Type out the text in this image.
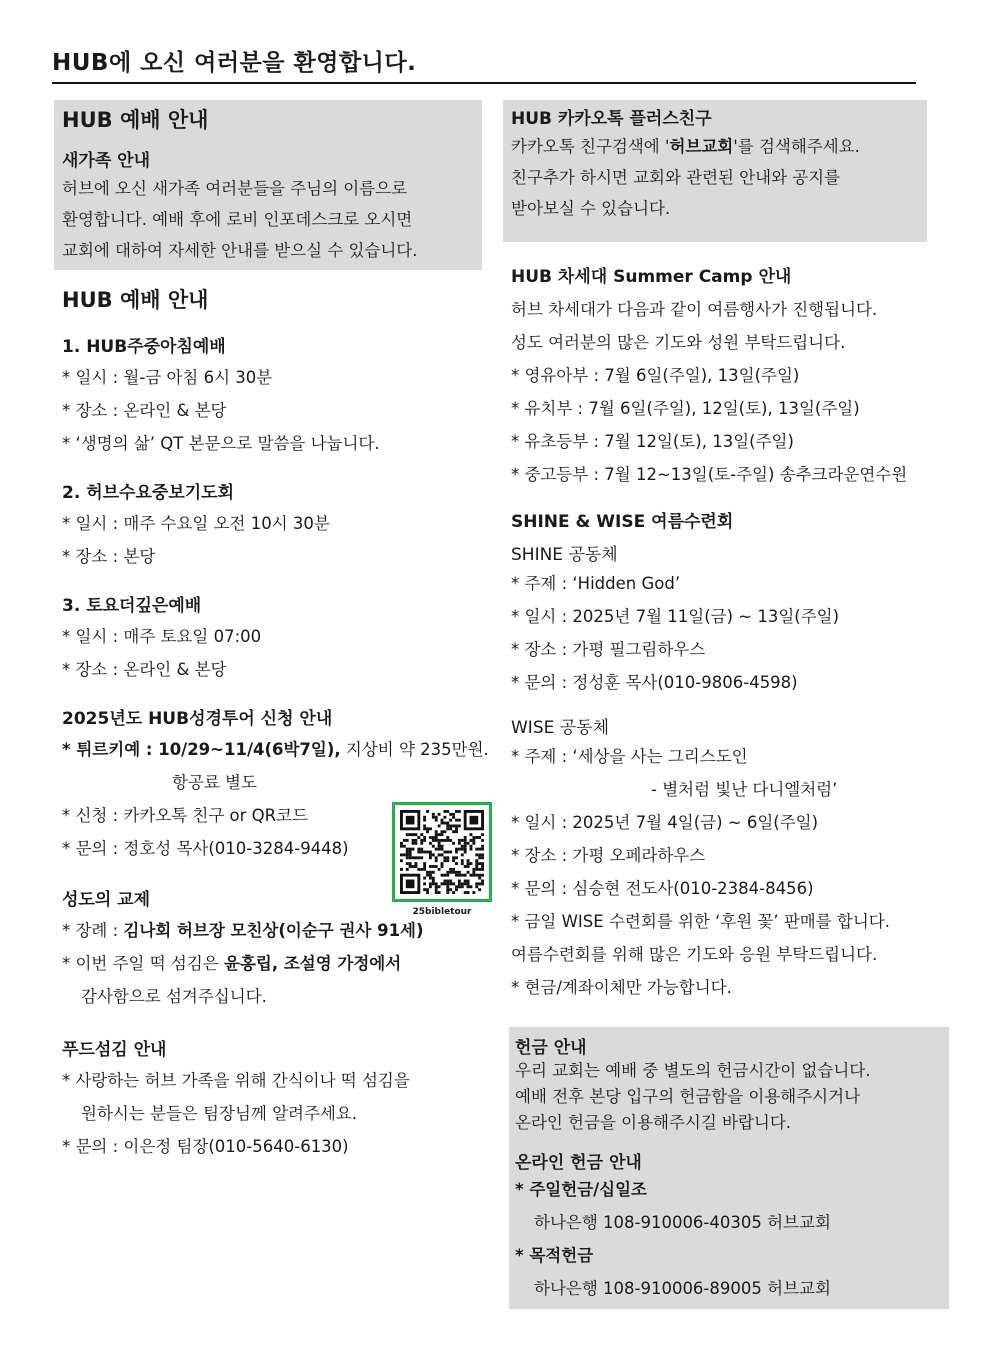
HUB에 오신 여러분을 환영합니다.
HUB 예배 안내
새가족 안내
허브에 오신 새가족 여러분들을 주님의 이름으로
환영합니다. 예배 후에 로비 인포데스크로 오시면
교회에 대하여 자세한 안내를 받으실 수 있습니다.
HUB 예배 안내
1. HUB주중아침예배
* 일시 : 월-금 아침 6시 30분
* 장소 : 온라인 & 본당
* ‘생명의 삶’ QT 본문으로 말씀을 나눕니다.
2. 허브수요중보기도회
* 일시 : 매주 수요일 오전 10시 30분
* 장소 : 본당
3. 토요더깊은예배
* 일시 : 매주 토요일 07:00
* 장소 : 온라인 & 본당
2025년도 HUB성경투어 신청 안내
* 튀르키예 : 10/29~11/4(6박7일), 지상비 약 235만원.
항공료 별도
* 신청 : 카카오톡 친구 or QR코드
* 문의 : 정호성 목사(010-3284-9448)
성도의 교제
* 장례 : 김나회 허브장 모친상(이순구 권사 91세)
* 이번 주일 떡 섬김은 윤홍립, 조설영 가정에서
감사함으로 섬겨주십니다.
푸드섬김 안내
* 사랑하는 허브 가족을 위해 간식이나 떡 섬김을
원하시는 분들은 팀장님께 알려주세요.
* 문의 : 이은정 팀장(010-5640-6130)
25bibletour
HUB 카카오톡 플러스친구
카카오톡 친구검색에 '허브교회'를 검색해주세요.
친구추가 하시면 교회와 관련된 안내와 공지를
받아보실 수 있습니다.
HUB 차세대 Summer Camp 안내
허브 차세대가 다음과 같이 여름행사가 진행됩니다.
성도 여러분의 많은 기도와 성원 부탁드립니다.
* 영유아부 : 7월 6일(주일), 13일(주일)
* 유치부 : 7월 6일(주일), 12일(토), 13일(주일)
* 유초등부 : 7월 12일(토), 13일(주일)
* 중고등부 : 7월 12~13일(토-주일) 송추크라운연수원
SHINE & WISE 여름수련회
SHINE 공동체
* 주제 : ‘Hidden God’
* 일시 : 2025년 7월 11일(금) ~ 13일(주일)
* 장소 : 가평 필그림하우스
* 문의 : 정성훈 목사(010-9806-4598)
WISE 공동체
* 주제 : ‘세상을 사는 그리스도인
- 별처럼 빛난 다니엘처럼’
* 일시 : 2025년 7월 4일(금) ~ 6일(주일)
* 장소 : 가평 오페라하우스
* 문의 : 심승현 전도사(010-2384-8456)
* 금일 WISE 수련회를 위한 ‘후원 꽃’ 판매를 합니다.
여름수련회를 위해 많은 기도와 응원 부탁드립니다.
* 현금/계좌이체만 가능합니다.
헌금 안내
우리 교회는 예배 중 별도의 헌금시간이 없습니다.
예배 전후 본당 입구의 헌금함을 이용해주시거나
온라인 헌금을 이용해주시길 바랍니다.
온라인 헌금 안내
* 주일헌금/십일조
하나은행 108-910006-40305 허브교회
* 목적헌금
하나은행 108-910006-89005 허브교회
